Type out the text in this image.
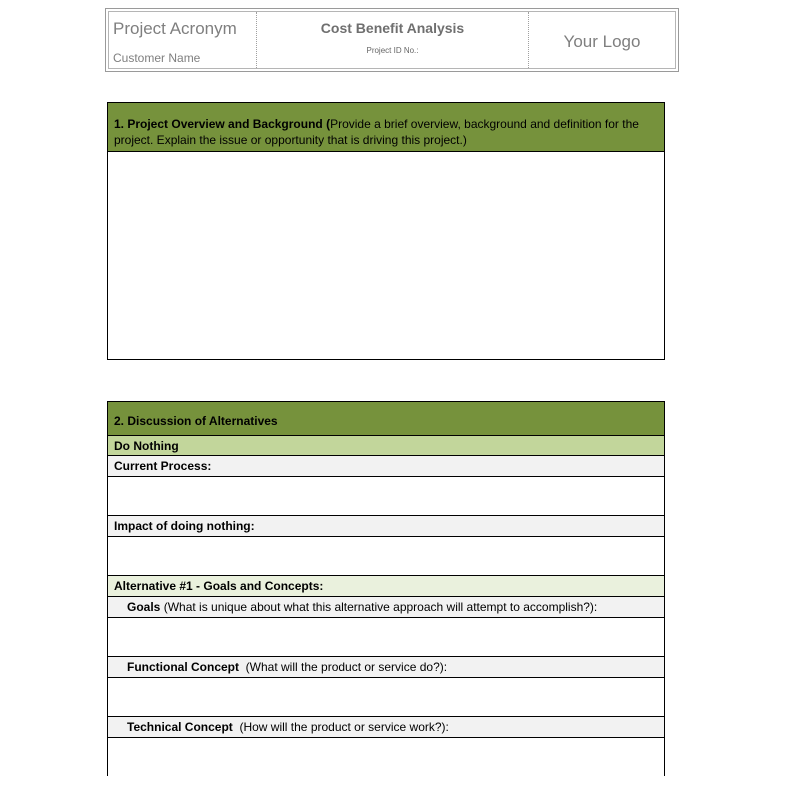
Project Acronym
Customer Name
Cost Benefit Analysis
Project ID No.:	Your Logo
1. Project Overview and Background (Provide a brief overview, background and definition for the project. Explain the issue or opportunity that is driving this project.)
2. Discussion of Alternatives
Do Nothing
Current Process:
Impact of doing nothing:
Alternative #1 - Goals and Concepts:
Goals (What is unique about what this alternative approach will attempt to accomplish?):
Functional Concept (What will the product or service do?):
Technical Concept (How will the product or service work?):
